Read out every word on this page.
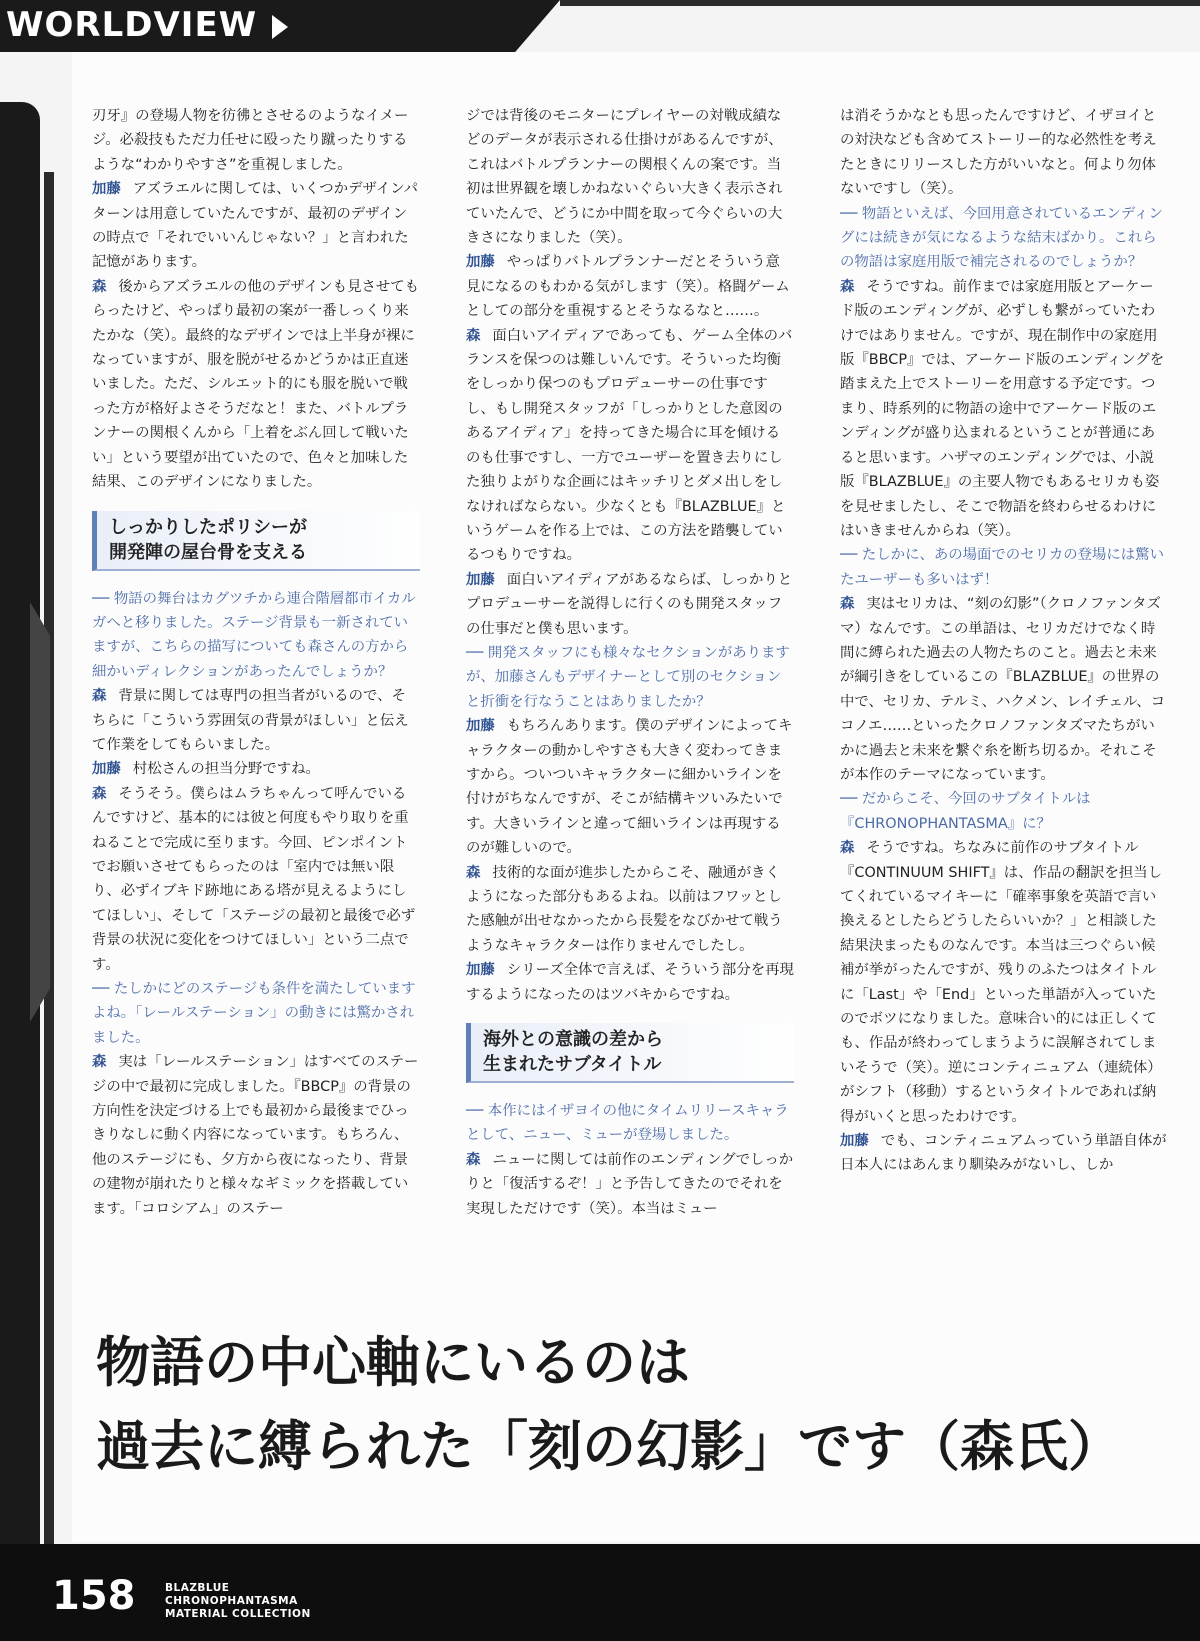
WORLDVIEW

刃牙』の登場人物を彷彿とさせるのようなイメージ。必殺技もただ力任せに殴ったり蹴ったりするような“わかりやすさ”を重視しました。

加藤 アズラエルに関しては、いくつかデザインパターンは用意していたんですが、最初のデザインの時点で「それでいいんじゃない？」と言われた記憶があります。

森 後からアズラエルの他のデザインも見させてもらったけど、やっぱり最初の案が一番しっくり来たかな（笑）。最終的なデザインでは上半身が裸になっていますが、服を脱がせるかどうかは正直迷いました。ただ、シルエット的にも服を脱いで戦った方が格好よさそうだなと！また、バトルプランナーの関根くんから「上着をぶん回して戦いたい」という要望が出ていたので、色々と加味した結果、このデザインになりました。

しっかりしたポリシーが
開発陣の屋台骨を支える

── 物語の舞台はカグツチから連合階層都市イカルガへと移りました。ステージ背景も一新されていますが、こちらの描写についても森さんの方から細かいディレクションがあったんでしょうか？

森 背景に関しては専門の担当者がいるので、そちらに「こういう雰囲気の背景がほしい」と伝えて作業をしてもらいました。

加藤 村松さんの担当分野ですね。

森 そうそう。僕らはムラちゃんって呼んでいるんですけど、基本的には彼と何度もやり取りを重ねることで完成に至ります。今回、ピンポイントでお願いさせてもらったのは「室内では無い限り、必ずイブキド跡地にある塔が見えるようにしてほしい」、そして「ステージの最初と最後で必ず背景の状況に変化をつけてほしい」という二点です。

── たしかにどのステージも条件を満たしていますよね。「レールステーション」の動きには驚かされました。

森 実は「レールステーション」はすべてのステージの中で最初に完成しました。『BBCP』の背景の方向性を決定づける上でも最初から最後までひっきりなしに動く内容になっています。もちろん、他のステージにも、夕方から夜になったり、背景の建物が崩れたりと様々なギミックを搭載しています。「コロシアム」のステー

ジでは背後のモニターにプレイヤーの対戦成績などのデータが表示される仕掛けがあるんですが、これはバトルプランナーの関根くんの案です。当初は世界観を壊しかねないぐらい大きく表示されていたんで、どうにか中間を取って今ぐらいの大きさになりました（笑）。

加藤 やっぱりバトルプランナーだとそういう意見になるのもわかる気がします（笑）。格闘ゲームとしての部分を重視するとそうなるなと……。

森 面白いアイディアであっても、ゲーム全体のバランスを保つのは難しいんです。そういった均衡をしっかり保つのもプロデューサーの仕事ですし、もし開発スタッフが「しっかりとした意図のあるアイディア」を持ってきた場合に耳を傾けるのも仕事ですし、一方でユーザーを置き去りにした独りよがりな企画にはキッチリとダメ出しをしなければならない。少なくとも『BLAZBLUE』というゲームを作る上では、この方法を踏襲しているつもりですね。

加藤 面白いアイディアがあるならば、しっかりとプロデューサーを説得しに行くのも開発スタッフの仕事だと僕も思います。

── 開発スタッフにも様々なセクションがありますが、加藤さんもデザイナーとして別のセクションと折衝を行なうことはありましたか？

加藤 もちろんあります。僕のデザインによってキャラクターの動かしやすさも大きく変わってきますから。ついついキャラクターに細かいラインを付けがちなんですが、そこが結構キツいみたいです。大きいラインと違って細いラインは再現するのが難しいので。

森 技術的な面が進歩したからこそ、融通がきくようになった部分もあるよね。以前はフワッとした感触が出せなかったから長髪をなびかせて戦うようなキャラクターは作りませんでしたし。

加藤 シリーズ全体で言えば、そういう部分を再現するようになったのはツバキからですね。

海外との意識の差から
生まれたサブタイトル

── 本作にはイザヨイの他にタイムリリースキャラとして、ニュー、ミューが登場しました。

森 ニューに関しては前作のエンディングでしっかりと「復活するぞ！」と予告してきたのでそれを実現しただけです（笑）。本当はミュー

は消そうかなとも思ったんですけど、イザヨイとの対決なども含めてストーリー的な必然性を考えたときにリリースした方がいいなと。何より勿体ないですし（笑）。

── 物語といえば、今回用意されているエンディングには続きが気になるような結末ばかり。これらの物語は家庭用版で補完されるのでしょうか？

森 そうですね。前作までは家庭用版とアーケード版のエンディングが、必ずしも繋がっていたわけではありません。ですが、現在制作中の家庭用版『BBCP』では、アーケード版のエンディングを踏まえた上でストーリーを用意する予定です。つまり、時系列的に物語の途中でアーケード版のエンディングが盛り込まれるということが普通にあると思います。ハザマのエンディングでは、小説版『BLAZBLUE』の主要人物でもあるセリカも姿を見せましたし、そこで物語を終わらせるわけにはいきませんからね（笑）。

── たしかに、あの場面でのセリカの登場には驚いたユーザーも多いはず！

森 実はセリカは、“刻の幻影”（クロノファンタズマ）なんです。この単語は、セリカだけでなく時間に縛られた過去の人物たちのこと。過去と未来が綱引きをしているこの『BLAZBLUE』の世界の中で、セリカ、テルミ、ハクメン、レイチェル、ココノエ……といったクロノファンタズマたちがいかに過去と未来を繋ぐ糸を断ち切るか。それこそが本作のテーマになっています。

── だからこそ、今回のサブタイトルは『CHRONOPHANTASMA』に？

森 そうですね。ちなみに前作のサブタイトル『CONTINUUM SHIFT』は、作品の翻訳を担当してくれているマイキーに「確率事象を英語で言い換えるとしたらどうしたらいいか？」と相談した結果決まったものなんです。本当は三つぐらい候補が挙がったんですが、残りのふたつはタイトルに「Last」や「End」といった単語が入っていたのでボツになりました。意味合い的には正しくても、作品が終わってしまうように誤解されてしまいそうで（笑）。逆にコンティニュアム（連続体）がシフト（移動）するというタイトルであれば納得がいくと思ったわけです。

加藤 でも、コンティニュアムっていう単語自体が日本人にはあんまり馴染みがないし、しか

物語の中心軸にいるのは
過去に縛られた「刻の幻影」です（森氏）
158	BLAZBLUE
CHRONOPHANTASMA
MATERIAL COLLECTION
